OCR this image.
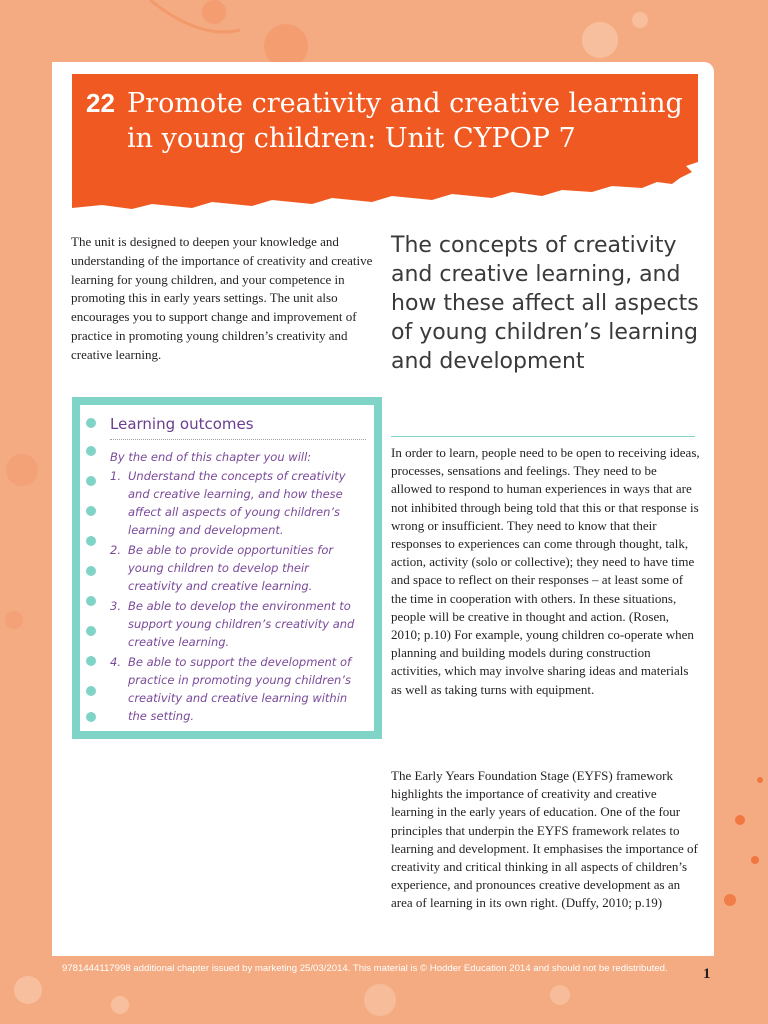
22 Promote creativity and creative learning in young children: Unit CYPOP 7
The unit is designed to deepen your knowledge and understanding of the importance of creativity and creative learning for young children, and your competence in promoting this in early years settings. The unit also encourages you to support change and improvement of practice in promoting young children’s creativity and creative learning.
Learning outcomes
By the end of this chapter you will:
1. Understand the concepts of creativity and creative learning, and how these affect all aspects of young children’s learning and development.
2. Be able to provide opportunities for young children to develop their creativity and creative learning.
3. Be able to develop the environment to support young children’s creativity and creative learning.
4. Be able to support the development of practice in promoting young children’s creativity and creative learning within the setting.
The concepts of creativity and creative learning, and how these affect all aspects of young children’s learning and development

In order to learn, people need to be open to receiving ideas, processes, sensations and feelings. They need to be allowed to respond to human experiences in ways that are not inhibited through being told that this or that response is wrong or insufficient. They need to know that their responses to experiences can come through thought, talk, action, activity (solo or collective); they need to have time and space to reflect on their responses – at least some of the time in cooperation with others. In these situations, people will be creative in thought and action. (Rosen, 2010; p.10) For example, young children co-operate when planning and building models during construction activities, which may involve sharing ideas and materials as well as taking turns with equipment.

The Early Years Foundation Stage (EYFS) framework highlights the importance of creativity and creative learning in the early years of education. One of the four principles that underpin the EYFS framework relates to learning and development. It emphasises the importance of creativity and critical thinking in all aspects of children’s experience, and pronounces creative development as an area of learning in its own right. (Duffy, 2010; p.19)

9781444117998 additional chapter issued by marketing 25/03/2014. This material is © Hodder Education 2014 and should not be redistributed.	1
